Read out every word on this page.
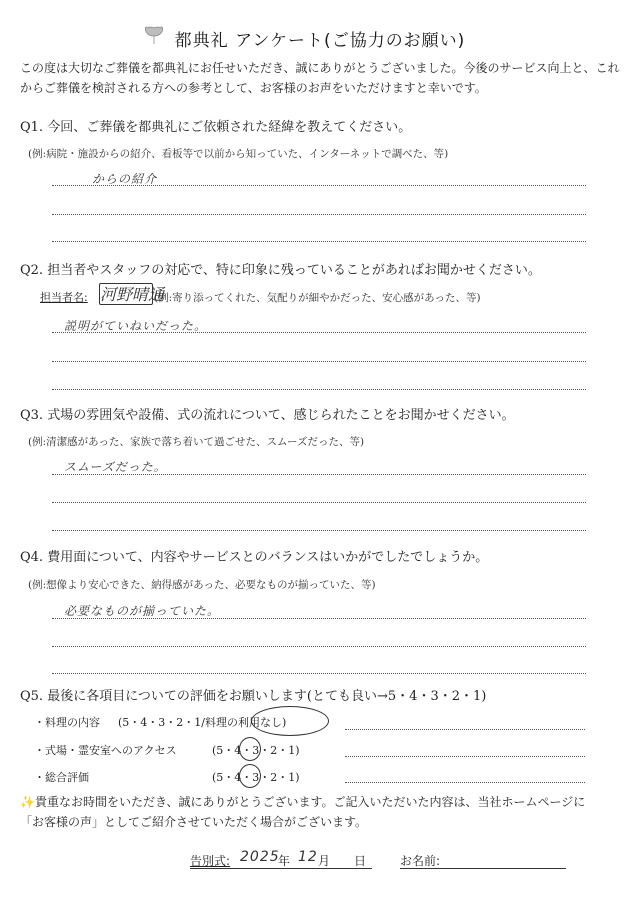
都典礼 アンケート(ご協力のお願い)
この度は大切なご葬儀を都典礼にお任せいただき、誠にありがとうございました。今後のサービス向上と、これ
からご葬儀を検討される方への参考として、お客様のお声をいただけますと幸いです。
Q1. 今回、ご葬儀を都典礼にご依頼された経緯を教えてください。
(例:病院・施設からの紹介、看板等で以前から知っていた、インターネットで調べた、等)
からの紹介
Q2. 担当者やスタッフの対応で、特に印象に残っていることがあればお聞かせください。
担当者名: 河野晴通
(例:寄り添ってくれた、気配りが細やかだった、安心感があった、等)
説明がていねいだった。
Q3. 式場の雰囲気や設備、式の流れについて、感じられたことをお聞かせください。
(例:清潔感があった、家族で落ち着いて過ごせた、スムーズだった、等)
スムーズだった。
Q4. 費用面について、内容やサービスとのバランスはいかがでしたでしょうか。
(例:想像より安心できた、納得感があった、必要なものが揃っていた、等)
必要なものが揃っていた。
Q5. 最後に各項目についての評価をお願いします(とても良い→5・4・3・2・1)
・料理の内容 (5・4・3・2・1/料理の利用なし)
・式場・霊安室へのアクセス	(5・4・3・2・1)
・総合評価	(5・4・3・2・1)
✨貴重なお時間をいただき、誠にありがとうございます。ご記入いただいた内容は、当社ホームページに
「お客様の声」としてご紹介させていただく場合がございます。
告別式: 2025
年 12 月 日	お名前:
